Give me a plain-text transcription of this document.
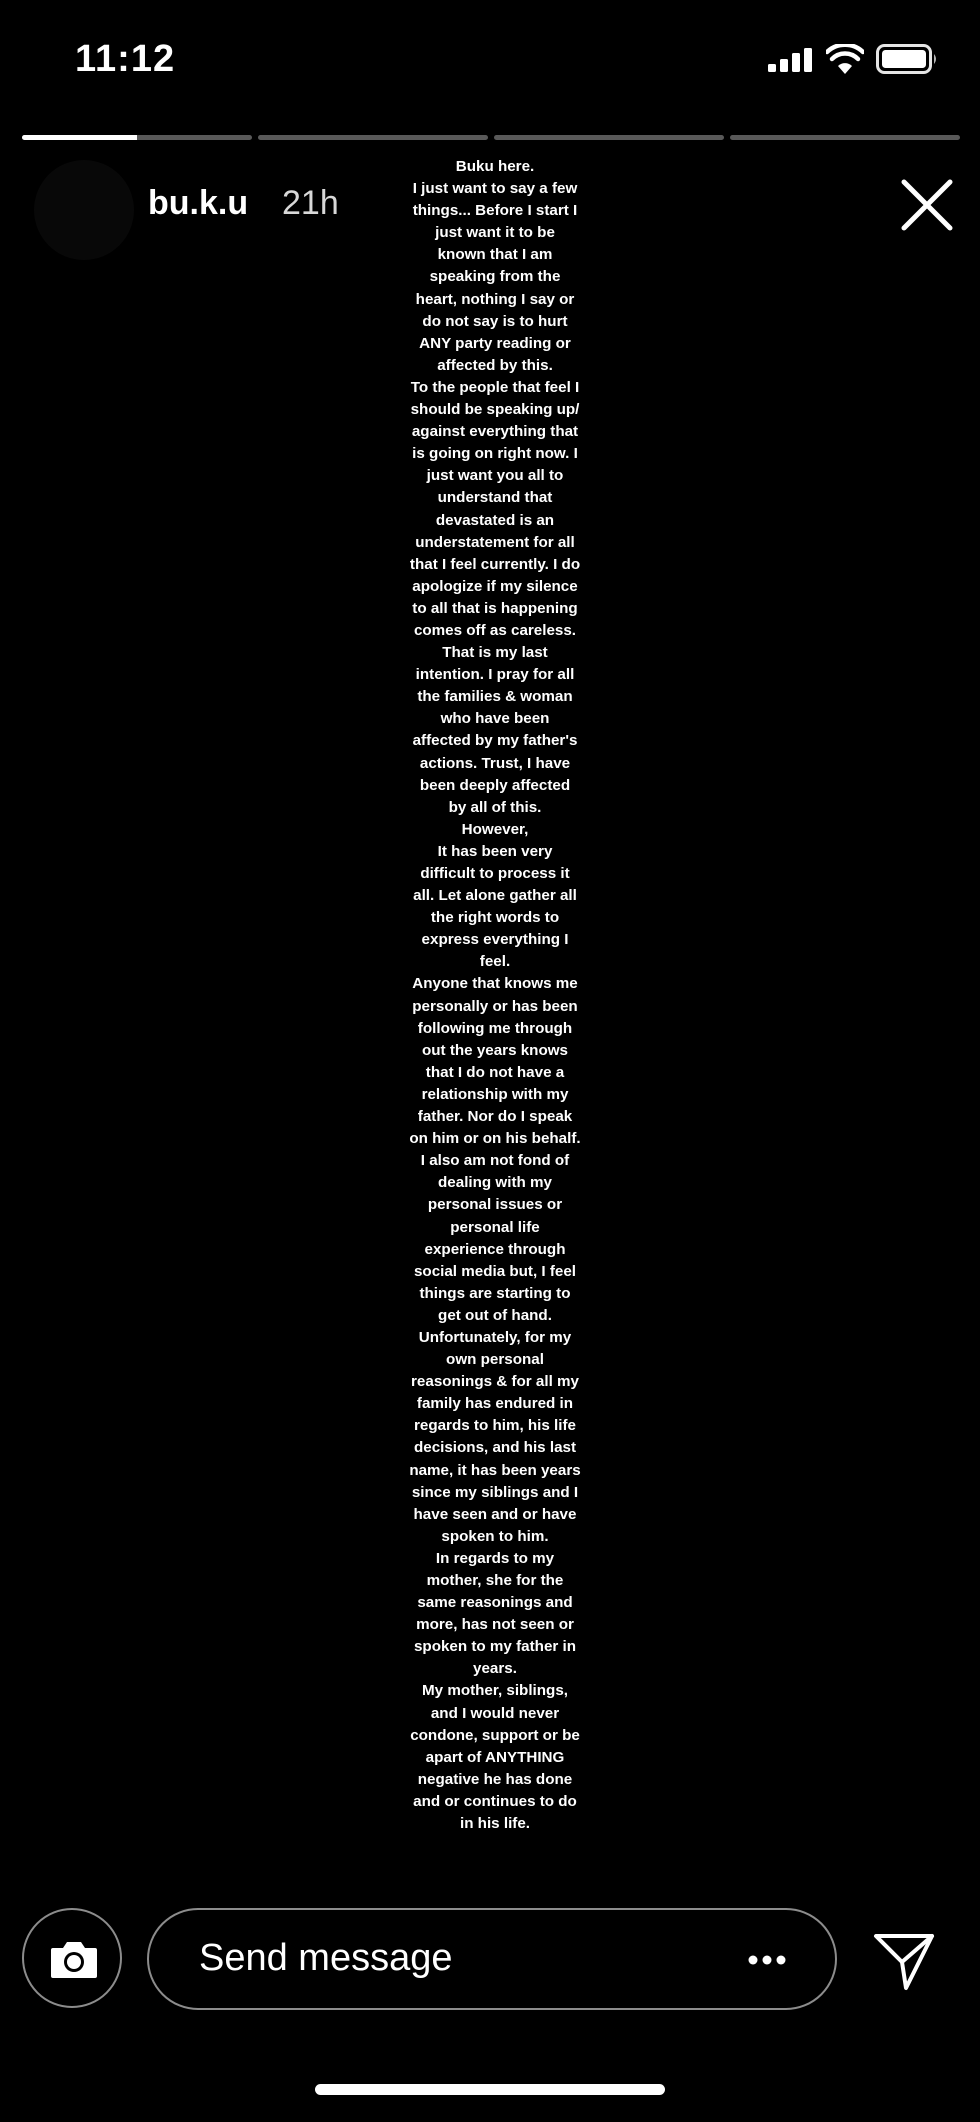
11:12
bu.k.u 21h
Buku here.
I just want to say a few
things... Before I start I
just want it to be
known that I am
speaking from the
heart, nothing I say or
do not say is to hurt
ANY party reading or
affected by this.
To the people that feel I
should be speaking up/
against everything that
is going on right now. I
just want you all to
understand that
devastated is an
understatement for all
that I feel currently. I do
apologize if my silence
to all that is happening
comes off as careless.
That is my last
intention. I pray for all
the families & woman
who have been
affected by my father's
actions. Trust, I have
been deeply affected
by all of this.
However,
It has been very
difficult to process it
all. Let alone gather all
the right words to
express everything I
feel.
Anyone that knows me
personally or has been
following me through
out the years knows
that I do not have a
relationship with my
father. Nor do I speak
on him or on his behalf.
I also am not fond of
dealing with my
personal issues or
personal life
experience through
social media but, I feel
things are starting to
get out of hand.
Unfortunately, for my
own personal
reasonings & for all my
family has endured in
regards to him, his life
decisions, and his last
name, it has been years
since my siblings and I
have seen and or have
spoken to him.
In regards to my
mother, she for the
same reasonings and
more, has not seen or
spoken to my father in
years.
My mother, siblings,
and I would never
condone, support or be
apart of ANYTHING
negative he has done
and or continues to do
in his life.
Send message
